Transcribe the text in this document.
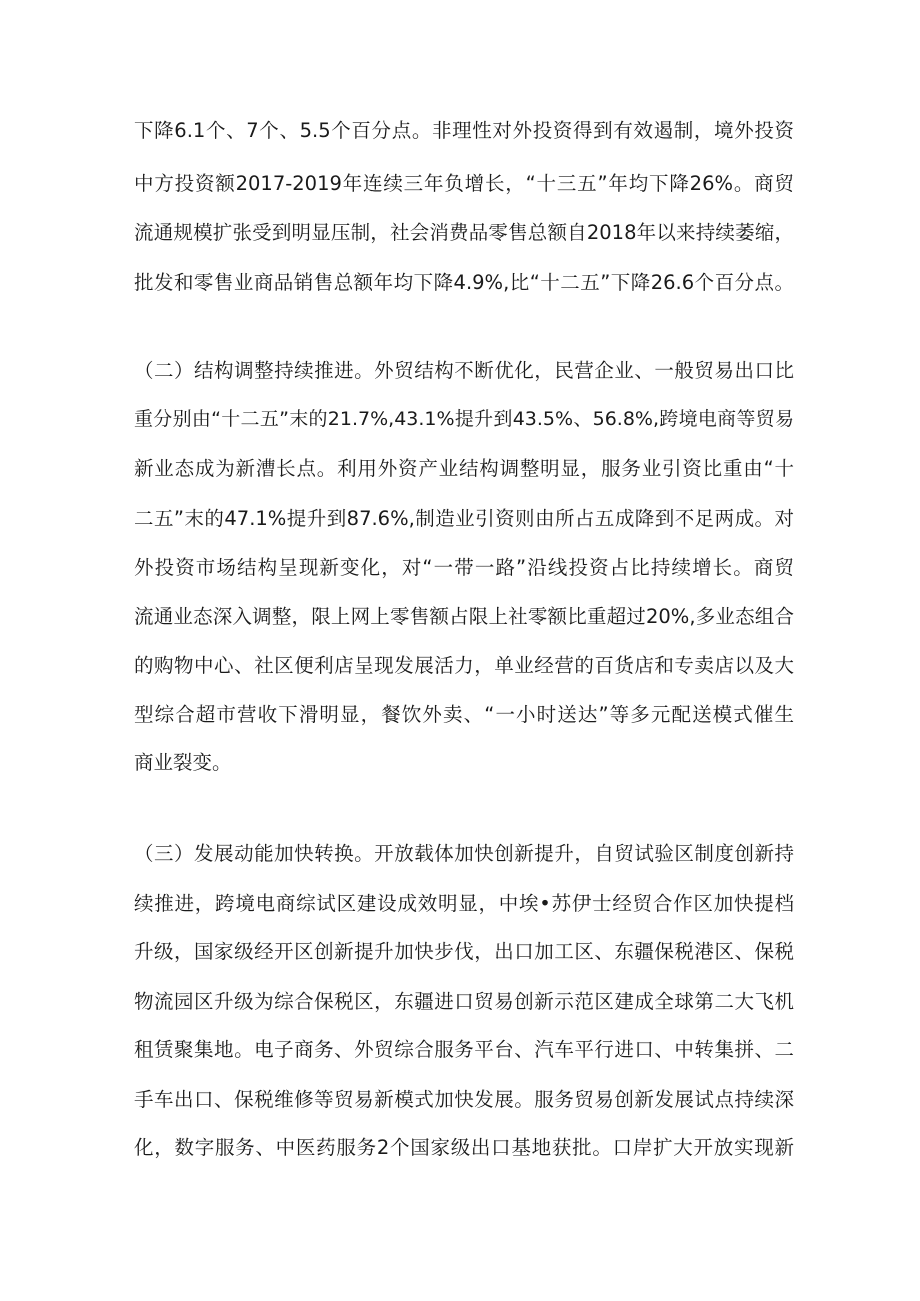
下降6.1个、7个、5.5个百分点。非理性对外投资得到有效遏制，境外投资
中方投资额2017-2019年连续三年负增长，“十三五”年均下降26%。商贸
流通规模扩张受到明显压制，社会消费品零售总额自2018年以来持续萎缩，
批发和零售业商品销售总额年均下降4.9%,比“十二五”下降26.6个百分点。
（二）结构调整持续推进。外贸结构不断优化，民营企业、一般贸易出口比
重分别由“十二五”末的21.7%,43.1%提升到43.5%、56.8%,跨境电商等贸易
新业态成为新漕长点。利用外资产业结构调整明显，服务业引资比重由“十
二五”末的47.1%提升到87.6%,制造业引资则由所占五成降到不足两成。对
外投资市场结构呈现新变化，对“一带一路”沿线投资占比持续增长。商贸
流通业态深入调整，限上网上零售额占限上社零额比重超过20%,多业态组合
的购物中心、社区便利店呈现发展活力，单业经营的百货店和专卖店以及大
型综合超市营收下滑明显，餐饮外卖、“一小时送达”等多元配送模式催生
商业裂变。
（三）发展动能加快转换。开放载体加快创新提升，自贸试验区制度创新持
续推进，跨境电商综试区建设成效明显，中埃•苏伊士经贸合作区加快提档
升级，国家级经开区创新提升加快步伐，出口加工区、东疆保税港区、保税
物流园区升级为综合保税区，东疆进口贸易创新示范区建成全球第二大飞机
租赁聚集地。电子商务、外贸综合服务平台、汽车平行进口、中转集拼、二
手车出口、保税维修等贸易新模式加快发展。服务贸易创新发展试点持续深
化，数字服务、中医药服务2个国家级出口基地获批。口岸扩大开放实现新
